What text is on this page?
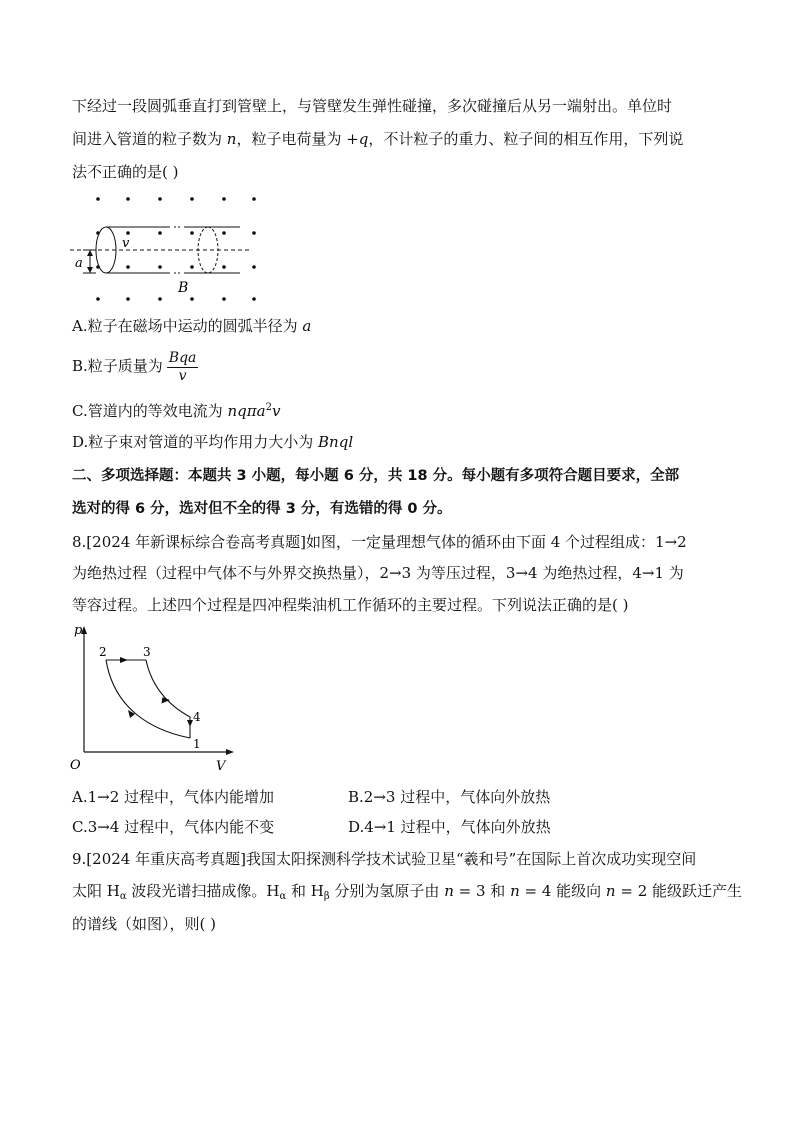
下经过一段圆弧垂直打到管壁上，与管壁发生弹性碰撞，多次碰撞后从另一端射出。单位时
间进入管道的粒子数为 n，粒子电荷量为 +q，不计粒子的重力、粒子间的相互作用，下列说
法不正确的是( )
v
a
B
A.粒子在磁场中运动的圆弧半径为 a
B.粒子质量为 $\frac{\text{Bqa}}{v}$
C.管道内的等效电流为 nqπa$^2$v
D.粒子束对管道的平均作用力大小为 Bnql
二、多项选择题：本题共 3 小题，每小题 6 分，共 18 分。每小题有多项符合题目要求，全部
选对的得 6 分，选对但不全的得 3 分，有选错的得 0 分。
8.[2024 年新课标综合卷高考真题]如图，一定量理想气体的循环由下面 4 个过程组成：1→2
为绝热过程（过程中气体不与外界交换热量），2→3 为等压过程，3→4 为绝热过程，4→1 为
等容过程。上述四个过程是四冲程柴油机工作循环的主要过程。下列说法正确的是( )
p
V
O
2	3
4
1
A.1→2 过程中，气体内能增加	B.2→3 过程中，气体向外放热
C.3→4 过程中，气体内能不变	D.4→1 过程中，气体向外放热
9.[2024 年重庆高考真题]我国太阳探测科学技术试验卫星“羲和号”在国际上首次成功实现空间
太阳 $H_\alpha$ 波段光谱扫描成像。$H_\alpha$ 和 $H_\beta$ 分别为氢原子由 n = 3 和 n = 4 能级向 n = 2 能级跃迁产生
的谱线（如图），则( )
